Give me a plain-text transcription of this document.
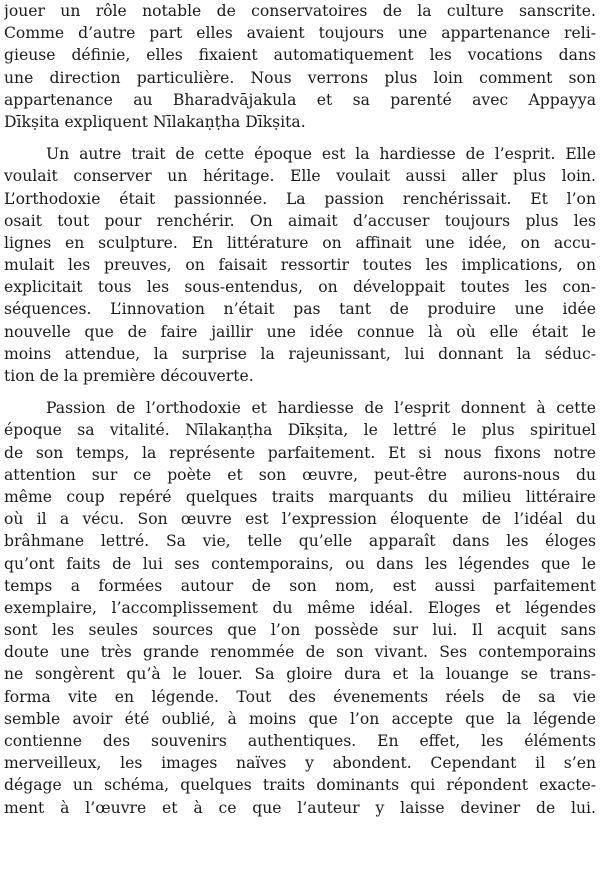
jouer un rôle notable de conservatoires de la culture sanscrite.
Comme d’autre part elles avaient toujours une appartenance reli-
gieuse définie, elles fixaient automatiquement les vocations dans
une direction particulière. Nous verrons plus loin comment son
appartenance au Bharadvājakula et sa parenté avec Appayya
Dīkṣita expliquent Nīlakaṇṭha Dīkṣita.
Un autre trait de cette époque est la hardiesse de l’esprit. Elle
voulait conserver un héritage. Elle voulait aussi aller plus loin.
L’orthodoxie était passionnée. La passion renchérissait. Et l’on
osait tout pour renchérir. On aimait d’accuser toujours plus les
lignes en sculpture. En littérature on affinait une idée, on accu-
mulait les preuves, on faisait ressortir toutes les implications, on
explicitait tous les sous-entendus, on développait toutes les con-
séquences. L’innovation n’était pas tant de produire une idée
nouvelle que de faire jaillir une idée connue là où elle était le
moins attendue, la surprise la rajeunissant, lui donnant la séduc-
tion de la première découverte.
Passion de l’orthodoxie et hardiesse de l’esprit donnent à cette
époque sa vitalité. Nīlakaṇṭha Dīkṣita, le lettré le plus spirituel
de son temps, la représente parfaitement. Et si nous fixons notre
attention sur ce poète et son œuvre, peut-être aurons-nous du
même coup repéré quelques traits marquants du milieu littéraire
où il a vécu. Son œuvre est l’expression éloquente de l’idéal du
brâhmane lettré. Sa vie, telle qu’elle apparaît dans les éloges
qu’ont faits de lui ses contemporains, ou dans les légendes que le
temps a formées autour de son nom, est aussi parfaitement
exemplaire, l’accomplissement du même idéal. Eloges et légendes
sont les seules sources que l’on possède sur lui. Il acquit sans
doute une très grande renommée de son vivant. Ses contemporains
ne songèrent qu’à le louer. Sa gloire dura et la louange se trans-
forma vite en légende. Tout des évenements réels de sa vie
semble avoir été oublié, à moins que l’on accepte que la légende
contienne des souvenirs authentiques. En effet, les éléments
merveilleux, les images naïves y abondent. Cependant il s’en
dégage un schéma, quelques traits dominants qui répondent exacte-
ment à l’œuvre et à ce que l’auteur y laisse deviner de lui.
